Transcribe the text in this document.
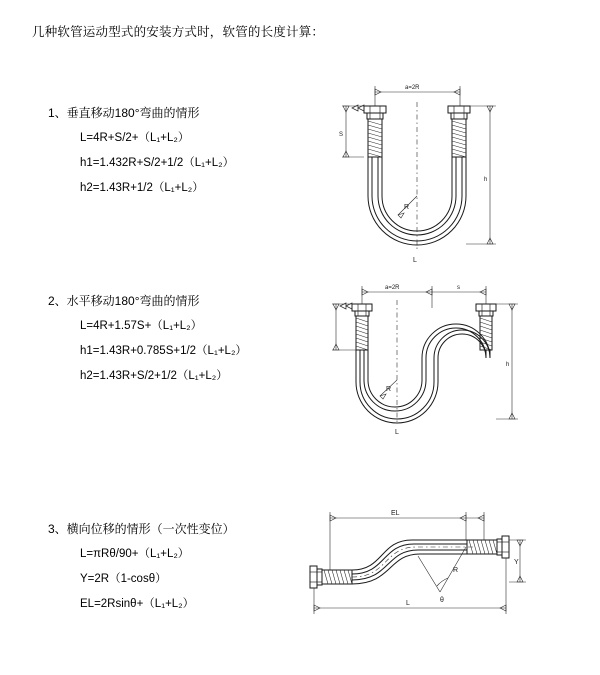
几种软管运动型式的安装方式时，软管的长度计算：
1、垂直移动180°弯曲的情形
L=4R+S/2+（L₁+L₂）
h1=1.432R+S/2+1/2（L₁+L₂）
h2=1.43R+1/2（L₁+L₂）
a=2R
R
S
h
L
2、水平移动180°弯曲的情形
L=4R+1.57S+（L₁+L₂）
h1=1.43R+0.785S+1/2（L₁+L₂）
h2=1.43R+S/2+1/2（L₁+L₂）
a=2R	s
R
h
L
3、横向位移的情形（一次性变位）
L=πRθ/90+（L₁+L₂）
Y=2R（1-cosθ）
EL=2Rsinθ+（L₁+L₂）
EL
R
θ
Y
L
